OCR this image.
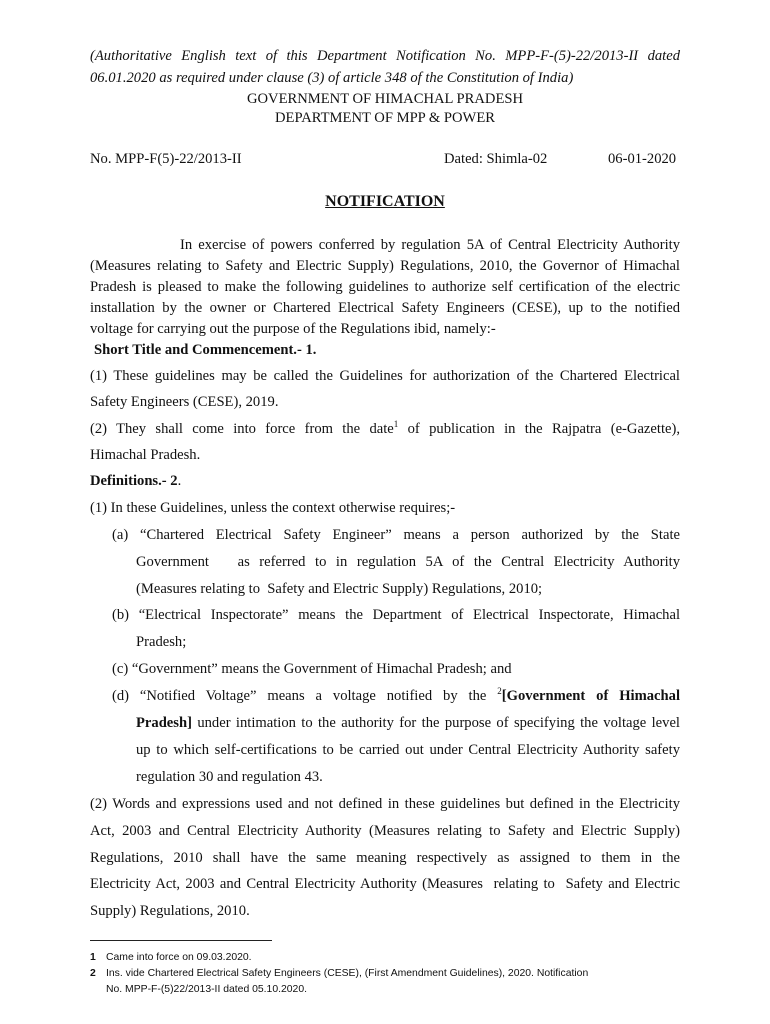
(Authoritative English text of this Department Notification No. MPP-F-(5)-22/2013-II dated
06.01.2020 as required under clause (3) of article 348 of the Constitution of India)
GOVERNMENT OF HIMACHAL PRADESH
DEPARTMENT OF MPP & POWER
No. MPP-F(5)-22/2013-II	Dated: Shimla-02	06-01-2020
NOTIFICATION
In exercise of powers conferred by regulation 5A of Central Electricity Authority
(Measures relating to Safety and Electric Supply) Regulations, 2010, the Governor of Himachal
Pradesh is pleased to make the following guidelines to authorize self certification of the electric
installation by the owner or Chartered Electrical Safety Engineers (CESE), up to the notified
voltage for carrying out the purpose of the Regulations ibid, namely:-
Short Title and Commencement.- 1.
(1) These guidelines may be called the Guidelines for authorization of the Chartered Electrical
Safety Engineers (CESE), 2019.
(2) They shall come into force from the date$^1$ of publication in the Rajpatra (e-Gazette),
Himachal Pradesh.
Definitions.- 2.
(1) In these Guidelines, unless the context otherwise requires;-
(a) “Chartered Electrical Safety Engineer” means a person authorized by the State
Government   as referred to in regulation 5A of the Central Electricity Authority
(Measures relating to  Safety and Electric Supply) Regulations, 2010;
(b) “Electrical Inspectorate” means the Department of Electrical Inspectorate, Himachal
Pradesh;
(c) “Government” means the Government of Himachal Pradesh; and
(d) “Notified Voltage” means a voltage notified by the $^2$[Government of Himachal
Pradesh] under intimation to the authority for the purpose of specifying the voltage level
up to which self-certifications to be carried out under Central Electricity Authority safety
regulation 30 and regulation 43.
(2) Words and expressions used and not defined in these guidelines but defined in the Electricity
Act, 2003 and Central Electricity Authority (Measures relating to Safety and Electric Supply)
Regulations, 2010 shall have the same meaning respectively as assigned to them in the
Electricity Act, 2003 and Central Electricity Authority (Measures  relating to  Safety and Electric
Supply) Regulations, 2010.
1 Came into force on 09.03.2020.
2 Ins. vide Chartered Electrical Safety Engineers (CESE), (First Amendment Guidelines), 2020. Notification
No. MPP-F-(5)22/2013-II dated 05.10.2020.
